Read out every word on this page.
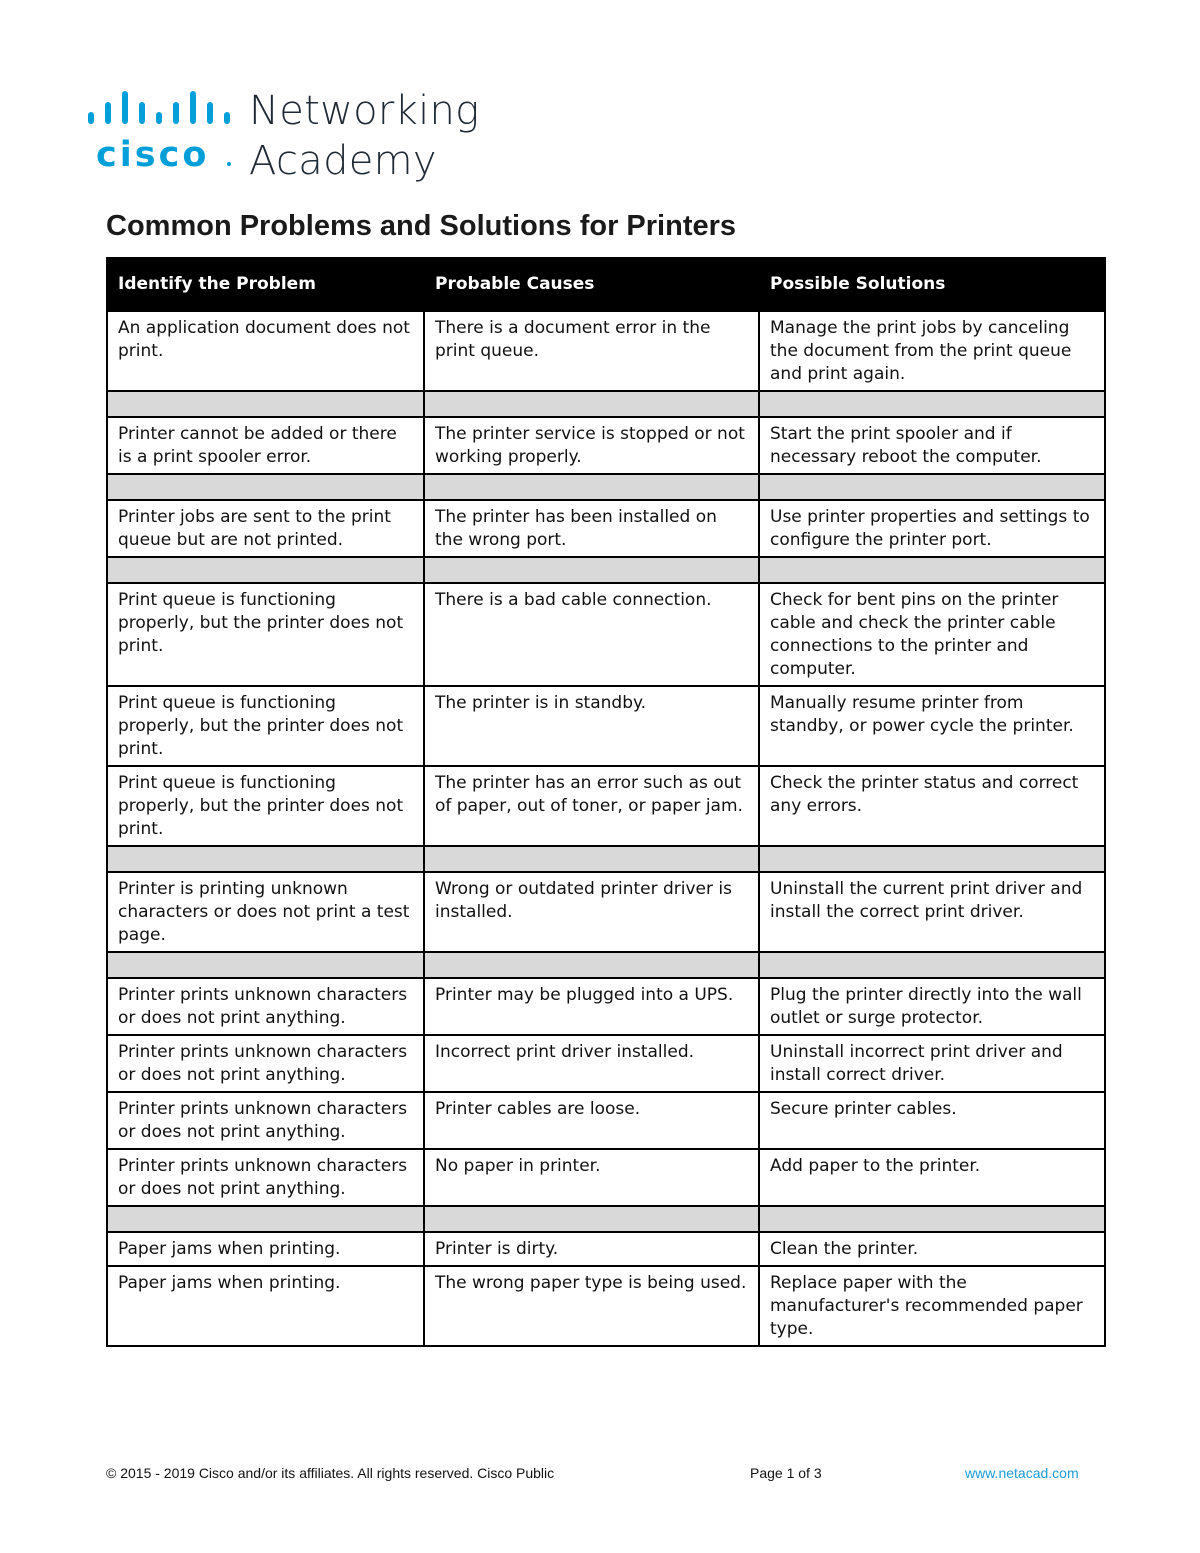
cisco
Networking
Academy
Common Problems and Solutions for Printers
Identify the Problem	Probable Causes	Possible Solutions
An application document does not print.	There is a document error in the print queue.	Manage the print jobs by canceling the document from the print queue and print again.

Printer cannot be added or there is a print spooler error.	The printer service is stopped or not working properly.	Start the print spooler and if necessary reboot the computer.

Printer jobs are sent to the print queue but are not printed.	The printer has been installed on the wrong port.	Use printer properties and settings to configure the printer port.

Print queue is functioning properly, but the printer does not print.	There is a bad cable connection.	Check for bent pins on the printer cable and check the printer cable connections to the printer and computer.
Print queue is functioning properly, but the printer does not print.	The printer is in standby.	Manually resume printer from standby, or power cycle the printer.
Print queue is functioning properly, but the printer does not print.	The printer has an error such as out of paper, out of toner, or paper jam.	Check the printer status and correct any errors.

Printer is printing unknown characters or does not print a test page.	Wrong or outdated printer driver is installed.	Uninstall the current print driver and install the correct print driver.

Printer prints unknown characters or does not print anything.	Printer may be plugged into a UPS.	Plug the printer directly into the wall outlet or surge protector.
Printer prints unknown characters or does not print anything.	Incorrect print driver installed.	Uninstall incorrect print driver and install correct driver.
Printer prints unknown characters or does not print anything.	Printer cables are loose.	Secure printer cables.
Printer prints unknown characters or does not print anything.	No paper in printer.	Add paper to the printer.

Paper jams when printing.	Printer is dirty.	Clean the printer.
Paper jams when printing.	The wrong paper type is being used.	Replace paper with the manufacturer's recommended paper type.
© 2015 - 2019 Cisco and/or its affiliates. All rights reserved. Cisco Public	Page 1 of 3	www.netacad.com
